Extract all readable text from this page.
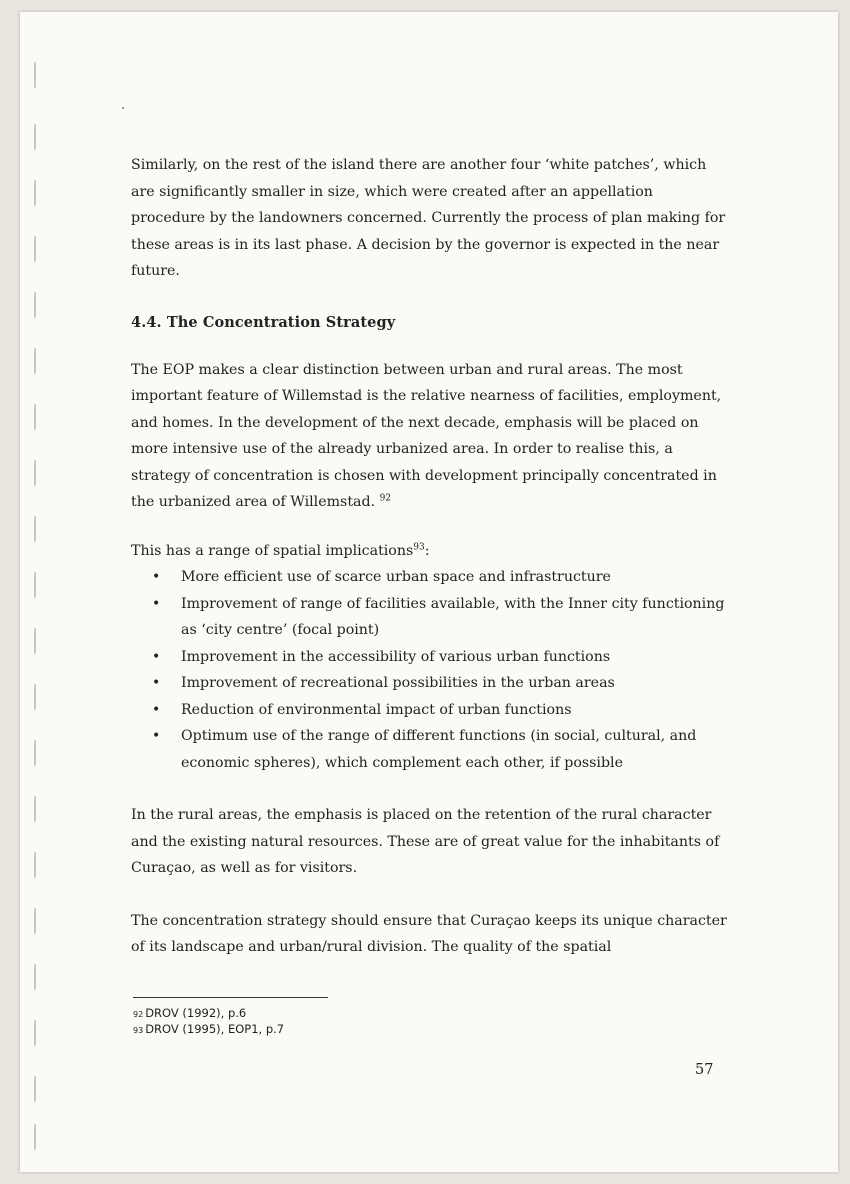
Similarly, on the rest of the island there are another four ‘white patches’, which are significantly smaller in size, which were created after an appellation procedure by the landowners concerned. Currently the process of plan making for these areas is in its last phase. A decision by the governor is expected in the near future.

4.4. The Concentration Strategy

The EOP makes a clear distinction between urban and rural areas. The most important feature of Willemstad is the relative nearness of facilities, employment, and homes. In the development of the next decade, emphasis will be placed on more intensive use of the already urbanized area. In order to realise this, a strategy of concentration is chosen with development principally concentrated in the urbanized area of Willemstad. $^{92}$

This has a range of spatial implications$^{93}$:

• More efficient use of scarce urban space and infrastructure
• Improvement of range of facilities available, with the Inner city functioning as ‘city centre’ (focal point)
• Improvement in the accessibility of various urban functions
• Improvement of recreational possibilities in the urban areas
• Reduction of environmental impact of urban functions
• Optimum use of the range of different functions (in social, cultural, and economic spheres), which complement each other, if possible

In the rural areas, the emphasis is placed on the retention of the rural character and the existing natural resources. These are of great value for the inhabitants of Curaçao, as well as for visitors.

The concentration strategy should ensure that Curaçao keeps its unique character of its landscape and urban/rural division. The quality of the spatial

92 DROV (1992), p.6
93 DROV (1995), EOP1, p.7
57
